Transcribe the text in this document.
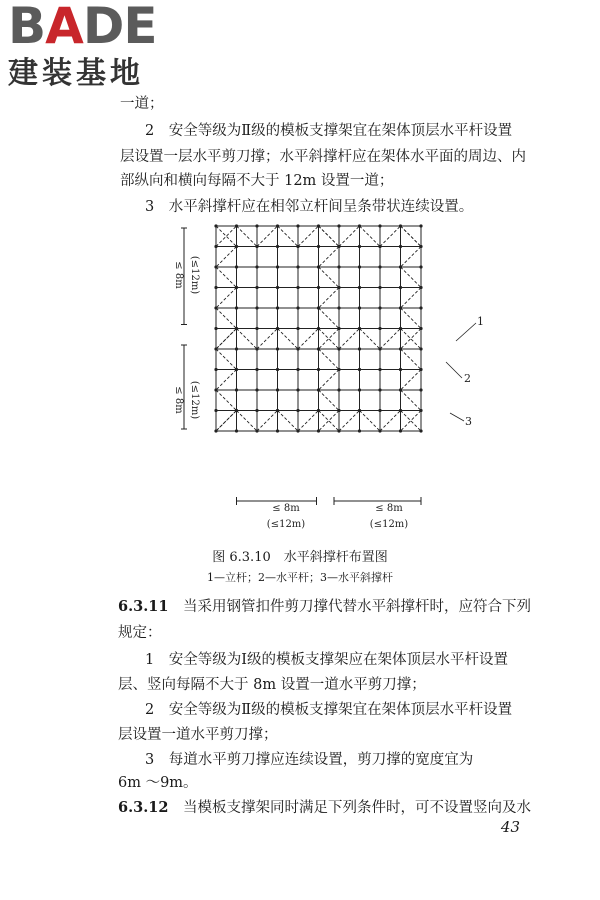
BADE
建装基地
一道；
2　安全等级为Ⅱ级的模板支撑架宜在架体顶层水平杆设置
层设置一层水平剪刀撑；水平斜撑杆应在架体水平面的周边、内
部纵向和横向每隔不大于 12m 设置一道；
3　水平斜撑杆应在相邻立杆间呈条带状连续设置。
≤ 8m (≤12m)
≤ 8m (≤12m)
≤ 8m
(≤12m)
≤ 8m
(≤12m)
1
2
3
图 6.3.10　水平斜撑杆布置图
1—立杆；2—水平杆；3—水平斜撑杆
6.3.11　当采用钢管扣件剪刀撑代替水平斜撑杆时，应符合下列
规定：
1　安全等级为Ⅰ级的模板支撑架应在架体顶层水平杆设置
层、竖向每隔不大于 8m 设置一道水平剪刀撑；
2　安全等级为Ⅱ级的模板支撑架宜在架体顶层水平杆设置
层设置一道水平剪刀撑；
3　每道水平剪刀撑应连续设置，剪刀撑的宽度宜为
6m ～9m。
6.3.12　当模板支撑架同时满足下列条件时，可不设置竖向及水
43
